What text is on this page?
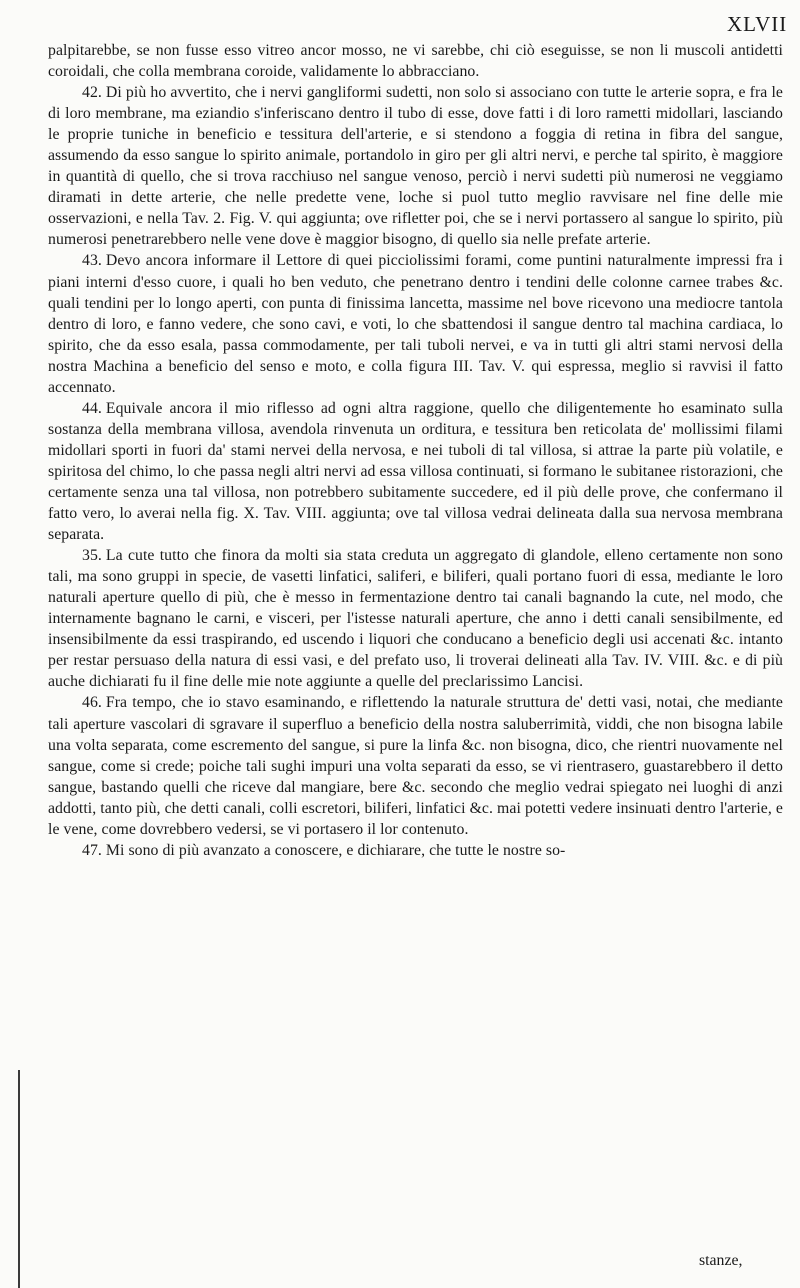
XLVII

palpitarebbe, se non fusse esso vitreo ancor mosso, ne vi sarebbe, chi ciò eseguisse, se non li muscoli antidetti coroidali, che colla membrana coroide, validamente lo abbracciano.

42. Di più ho avvertito, che i nervi gangliformi sudetti, non solo si associano con tutte le arterie sopra, e fra le di loro membrane, ma eziandio s'inferiscano dentro il tubo di esse, dove fatti i di loro rametti midollari, lasciando le proprie tuniche in beneficio e tessitura dell'arterie, e si stendono a foggia di retina in fibra del sangue, assumendo da esso sangue lo spirito animale, portandolo in giro per gli altri nervi, e perche tal spirito, è maggiore in quantità di quello, che si trova racchiuso nel sangue venoso, perciò i nervi sudetti più numerosi ne veggiamo diramati in dette arterie, che nelle predette vene, loche si puol tutto meglio ravvisare nel fine delle mie osservazioni, e nella Tav. 2. Fig. V. qui aggiunta; ove rifletter poi, che se i nervi portassero al sangue lo spirito, più numerosi penetrarebbero nelle vene dove è maggior bisogno, di quello sia nelle prefate arterie.

43. Devo ancora informare il Lettore di quei picciolissimi forami, come puntini naturalmente impressi fra i piani interni d'esso cuore, i quali ho ben veduto, che penetrano dentro i tendini delle colonne carnee trabes &c. quali tendini per lo longo aperti, con punta di finissima lancetta, massime nel bove ricevono una mediocre tantola dentro di loro, e fanno vedere, che sono cavi, e voti, lo che sbattendosi il sangue dentro tal machina cardiaca, lo spirito, che da esso esala, passa commodamente, per tali tuboli nervei, e va in tutti gli altri stami nervosi della nostra Machina a beneficio del senso e moto, e colla figura III. Tav. V. qui espressa, meglio si ravvisi il fatto accennato.

44. Equivale ancora il mio riflesso ad ogni altra raggione, quello che diligentemente ho esaminato sulla sostanza della membrana villosa, avendola rinvenuta un orditura, e tessitura ben reticolata de' mollissimi filami midollari sporti in fuori da' stami nervei della nervosa, e nei tuboli di tal villosa, si attrae la parte più volatile, e spiritosa del chimo, lo che passa negli altri nervi ad essa villosa continuati, si formano le subitanee ristorazioni, che certamente senza una tal villosa, non potrebbero subitamente succedere, ed il più delle prove, che confermano il fatto vero, lo averai nella fig. X. Tav. VIII. aggiunta; ove tal villosa vedrai delineata dalla sua nervosa membrana separata.

35. La cute tutto che finora da molti sia stata creduta un aggregato di glandole, elleno certamente non sono tali, ma sono gruppi in specie, de vasetti linfatici, saliferi, e biliferi, quali portano fuori di essa, mediante le loro naturali aperture quello di più, che è messo in fermentazione dentro tai canali bagnando la cute, nel modo, che internamente bagnano le carni, e visceri, per l'istesse naturali aperture, che anno i detti canali sensibilmente, ed insensibilmente da essi traspirando, ed uscendo i liquori che conducano a beneficio degli usi accenati &c. intanto per restar persuaso della natura di essi vasi, e del prefato uso, li troverai delineati alla Tav. IV. VIII. &c. e di più auche dichiarati fu il fine delle mie note aggiunte a quelle del preclarissimo Lancisi.

46. Fra tempo, che io stavo esaminando, e riflettendo la naturale struttura de' detti vasi, notai, che mediante tali aperture vascolari di sgravare il superfluo a beneficio della nostra saluberrimità, viddi, che non bisogna labile una volta separata, come escremento del sangue, si pure la linfa &c. non bisogna, dico, che rientri nuovamente nel sangue, come si crede; poiche tali sughi impuri una volta separati da esso, se vi rientrasero, guastarebbero il detto sangue, bastando quelli che riceve dal mangiare, bere &c. secondo che meglio vedrai spiegato nei luoghi di anzi addotti, tanto più, che detti canali, colli escretori, biliferi, linfatici &c. mai potetti vedere insinuati dentro l'arterie, e le vene, come dovrebbero vedersi, se vi portasero il lor contenuto.

47. Mi sono di più avanzato a conoscere, e dichiarare, che tutte le nostre so-

stanze,
